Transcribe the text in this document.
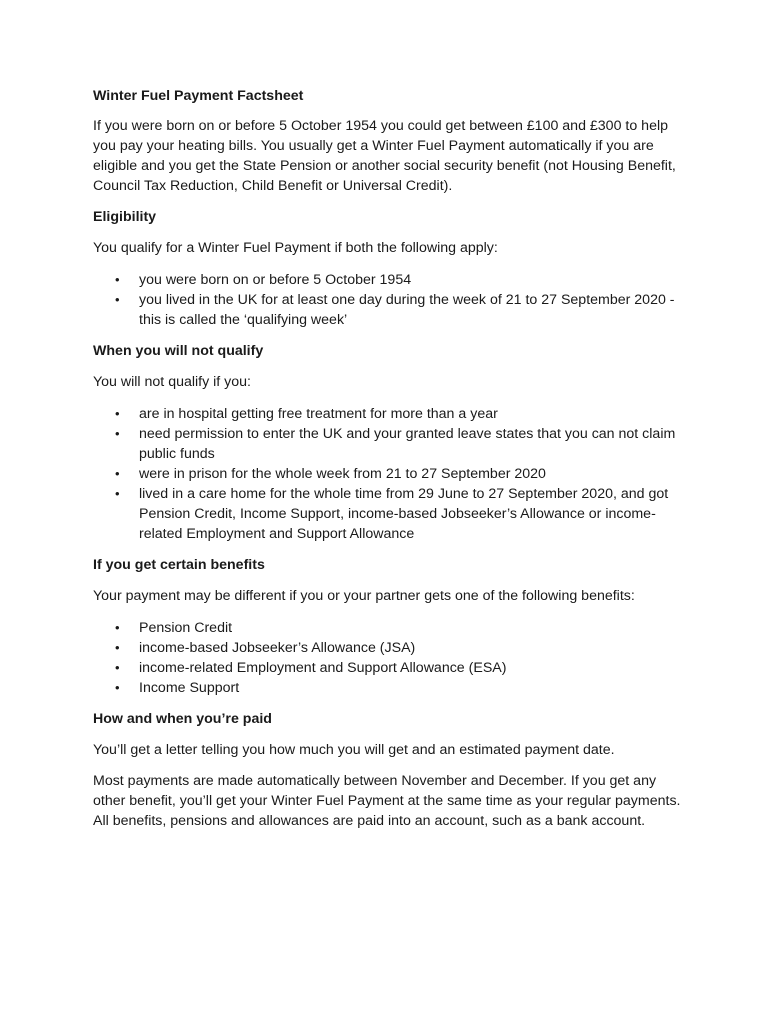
Winter Fuel Payment Factsheet

If you were born on or before 5 October 1954 you could get between £100 and £300 to help you pay your heating bills. You usually get a Winter Fuel Payment automatically if you are eligible and you get the State Pension or another social security benefit (not Housing Benefit, Council Tax Reduction, Child Benefit or Universal Credit).

Eligibility

You qualify for a Winter Fuel Payment if both the following apply:

• you were born on or before 5 October 1954
• you lived in the UK for at least one day during the week of 21 to 27 September 2020 - this is called the ‘qualifying week’
When you will not qualify

You will not qualify if you:

• are in hospital getting free treatment for more than a year
• need permission to enter the UK and your granted leave states that you can not claim public funds
• were in prison for the whole week from 21 to 27 September 2020
• lived in a care home for the whole time from 29 June to 27 September 2020, and got Pension Credit, Income Support, income-based Jobseeker’s Allowance or income-related Employment and Support Allowance
If you get certain benefits

Your payment may be different if you or your partner gets one of the following benefits:

• Pension Credit
• income-based Jobseeker’s Allowance (JSA)
• income-related Employment and Support Allowance (ESA)
• Income Support
How and when you’re paid

You’ll get a letter telling you how much you will get and an estimated payment date.

Most payments are made automatically between November and December. If you get any other benefit, you’ll get your Winter Fuel Payment at the same time as your regular payments. All benefits, pensions and allowances are paid into an account, such as a bank account.
